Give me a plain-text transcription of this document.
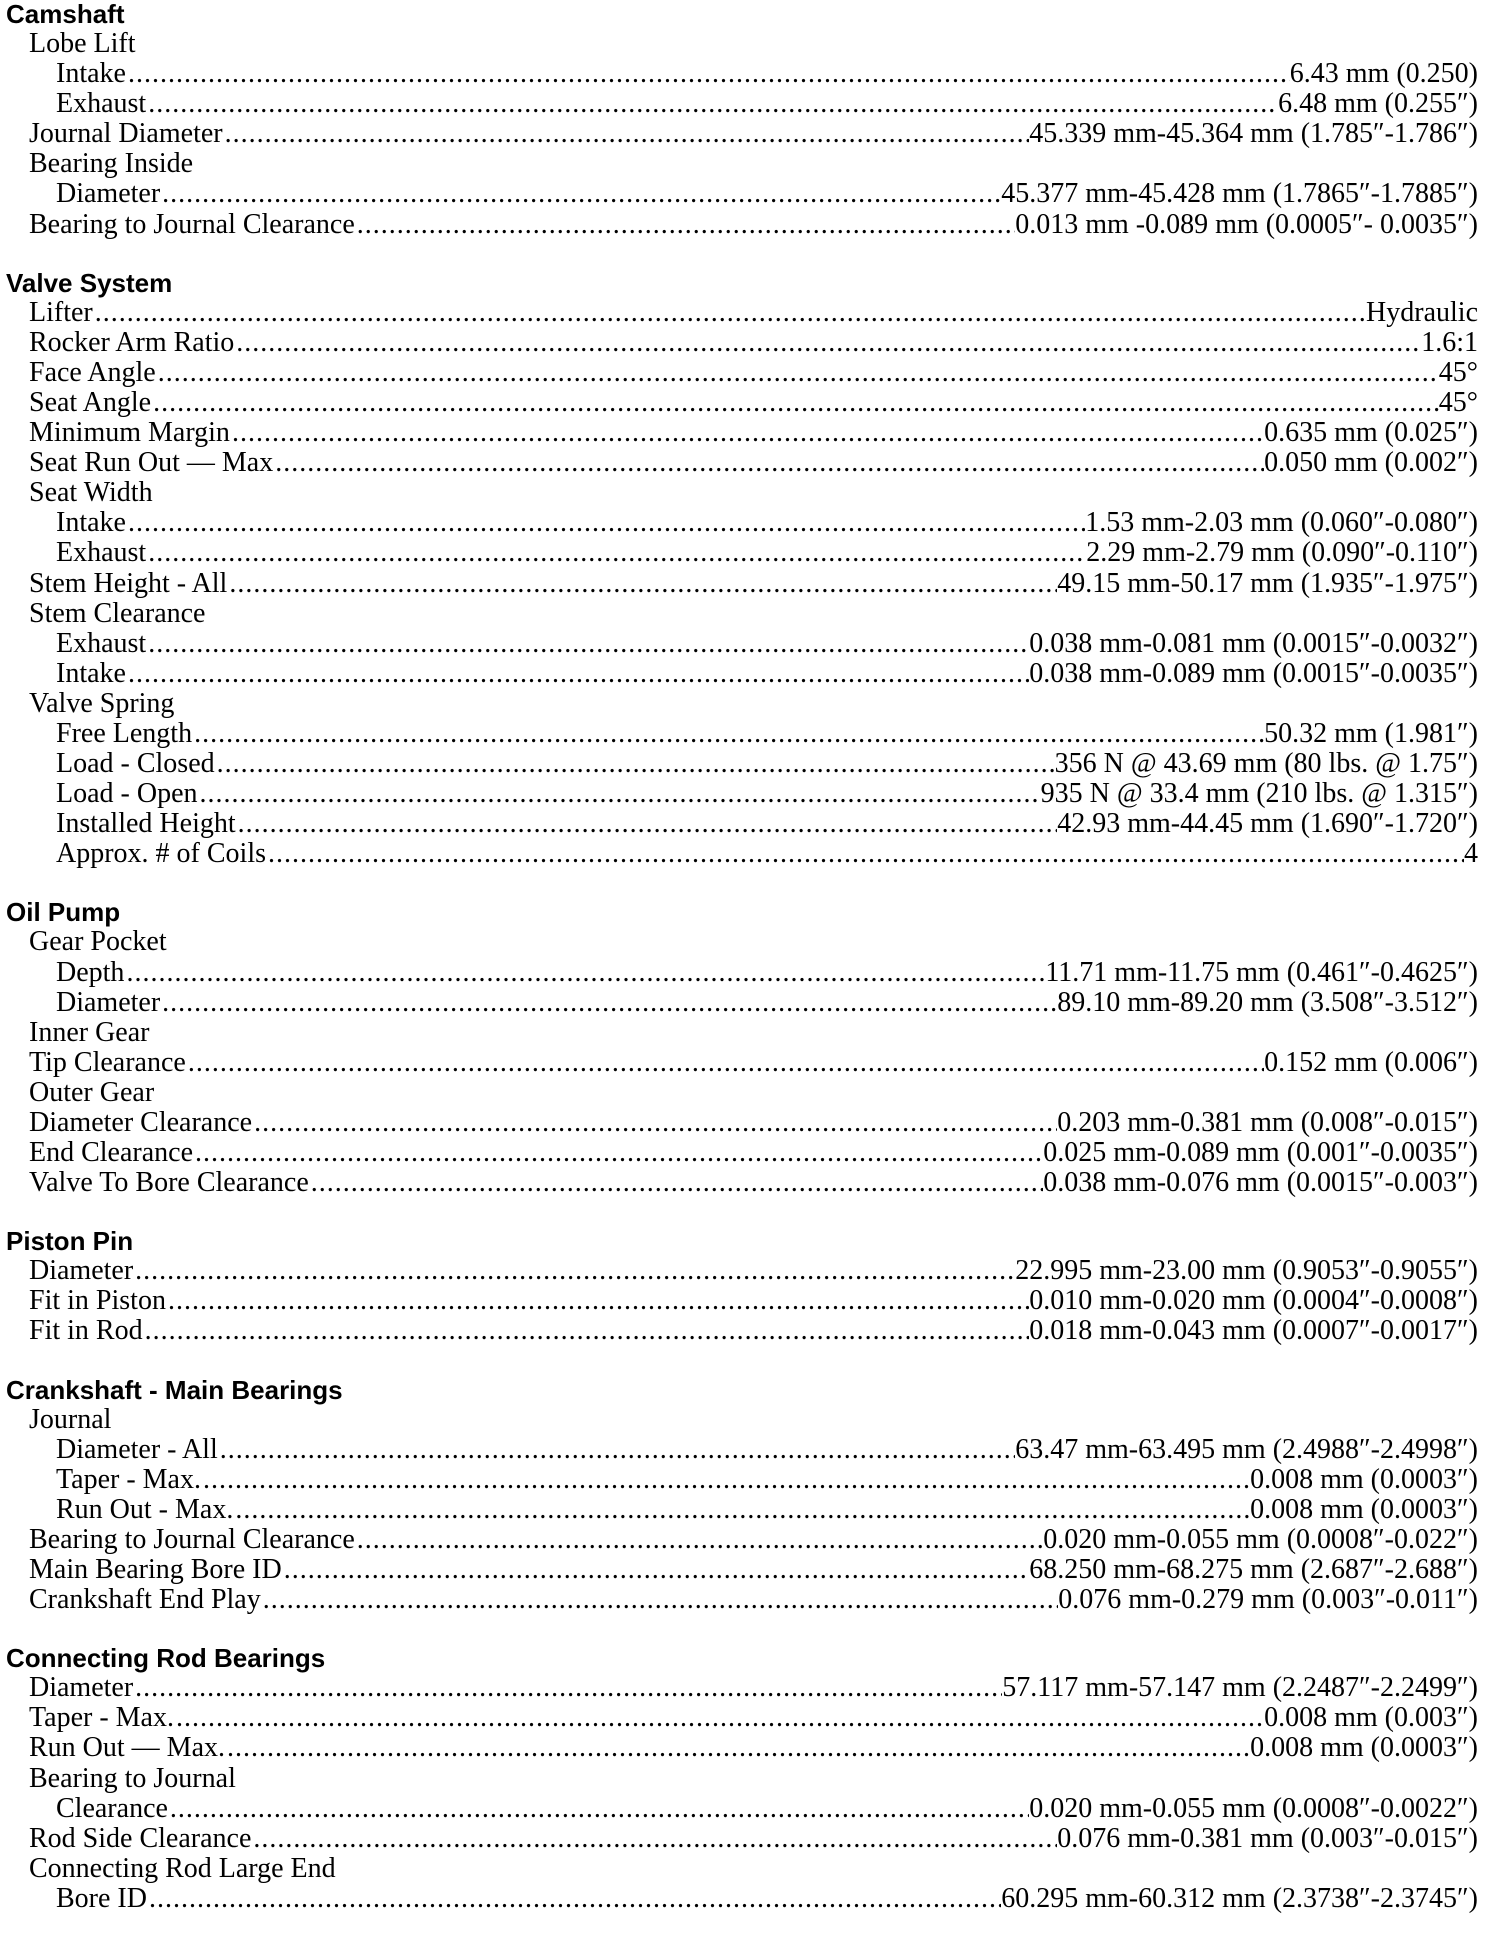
Camshaft
Lobe Lift
Intake .....	6.43 mm (0.250)
Exhaust .....	6.48 mm (0.255″)
Journal Diameter .....	45.339 mm-45.364 mm (1.785″-1.786″)
Bearing Inside
Diameter .....	45.377 mm-45.428 mm (1.7865″-1.7885″)
Bearing to Journal Clearance .....	0.013 mm -0.089 mm (0.0005″- 0.0035″)
Valve System
Lifter .....	Hydraulic
Rocker Arm Ratio .....	1.6:1
Face Angle .....	45°
Seat Angle .....	45°
Minimum Margin .....	0.635 mm (0.025″)
Seat Run Out — Max .....	0.050 mm (0.002″)
Seat Width
Intake .....	1.53 mm-2.03 mm (0.060″-0.080″)
Exhaust .....	2.29 mm-2.79 mm (0.090″-0.110″)
Stem Height - All .....	49.15 mm-50.17 mm (1.935″-1.975″)
Stem Clearance
Exhaust .....	0.038 mm-0.081 mm (0.0015″-0.0032″)
Intake .....	0.038 mm-0.089 mm (0.0015″-0.0035″)
Valve Spring
Free Length .....	50.32 mm (1.981″)
Load - Closed .....	356 N @ 43.69 mm (80 lbs. @ 1.75″)
Load - Open .....	935 N @ 33.4 mm (210 lbs. @ 1.315″)
Installed Height .....	42.93 mm-44.45 mm (1.690″-1.720″)
Approx. # of Coils .....	4
Oil Pump
Gear Pocket
Depth .....	11.71 mm-11.75 mm (0.461″-0.4625″)
Diameter .....	89.10 mm-89.20 mm (3.508″-3.512″)
Inner Gear
Tip Clearance .....	0.152 mm (0.006″)
Outer Gear
Diameter Clearance .....	0.203 mm-0.381 mm (0.008″-0.015″)
End Clearance .....	0.025 mm-0.089 mm (0.001″-0.0035″)
Valve To Bore Clearance .....	0.038 mm-0.076 mm (0.0015″-0.003″)
Piston Pin
Diameter .....	22.995 mm-23.00 mm (0.9053″-0.9055″)
Fit in Piston .....	0.010 mm-0.020 mm (0.0004″-0.0008″)
Fit in Rod .....	0.018 mm-0.043 mm (0.0007″-0.0017″)
Crankshaft - Main Bearings
Journal
Diameter - All .....	63.47 mm-63.495 mm (2.4988″-2.4998″)
Taper - Max. .....	0.008 mm (0.0003″)
Run Out - Max. .....	0.008 mm (0.0003″)
Bearing to Journal Clearance .....	0.020 mm-0.055 mm (0.0008″-0.022″)
Main Bearing Bore ID .....	68.250 mm-68.275 mm (2.687″-2.688″)
Crankshaft End Play .....	0.076 mm-0.279 mm (0.003″-0.011″)
Connecting Rod Bearings
Diameter .....	57.117 mm-57.147 mm (2.2487″-2.2499″)
Taper - Max. .....	0.008 mm (0.003″)
Run Out — Max. .....	0.008 mm (0.0003″)
Bearing to Journal
Clearance .....	0.020 mm-0.055 mm (0.0008″-0.0022″)
Rod Side Clearance .....	0.076 mm-0.381 mm (0.003″-0.015″)
Connecting Rod Large End
Bore ID .....	60.295 mm-60.312 mm (2.3738″-2.3745″)
